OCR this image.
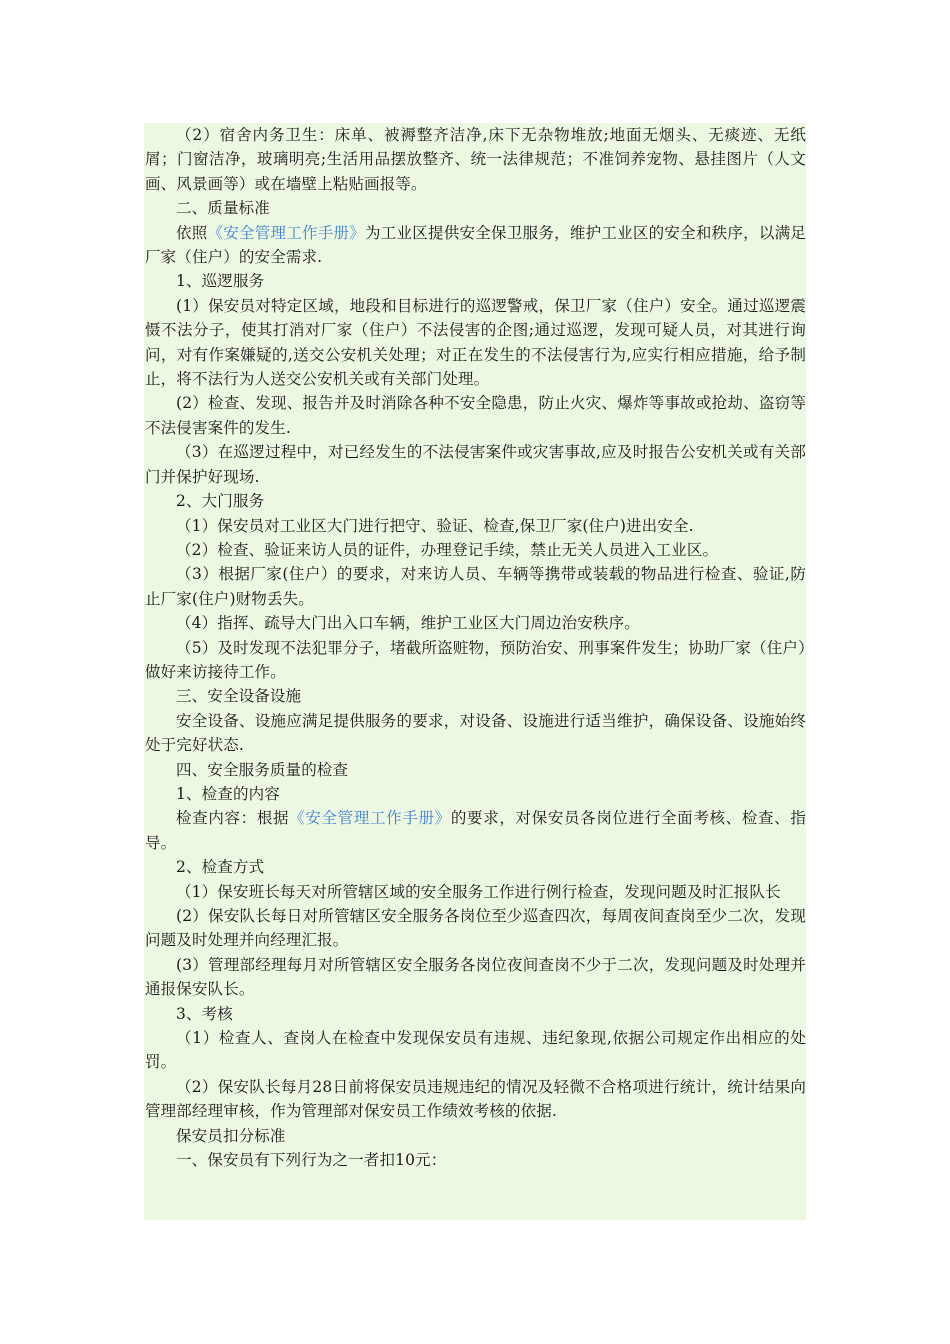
（2）宿舍内务卫生：床单、被褥整齐洁净,床下无杂物堆放;地面无烟头、无痰迹、无纸屑；门窗洁净，玻璃明亮;生活用品摆放整齐、统一法律规范；不准饲养宠物、悬挂图片（人文画、风景画等）或在墙壁上粘贴画报等。

二、质量标准

依照《安全管理工作手册》为工业区提供安全保卫服务，维护工业区的安全和秩序，以满足厂家（住户）的安全需求.

1、巡逻服务

(1）保安员对特定区域，地段和目标进行的巡逻警戒，保卫厂家（住户）安全。通过巡逻震慑不法分子，使其打消对厂家（住户）不法侵害的企图;通过巡逻，发现可疑人员，对其进行询问，对有作案嫌疑的,送交公安机关处理；对正在发生的不法侵害行为,应实行相应措施，给予制止，将不法行为人送交公安机关或有关部门处理。

(2）检查、发现、报告并及时消除各种不安全隐患，防止火灾、爆炸等事故或抢劫、盗窃等不法侵害案件的发生.

（3）在巡逻过程中，对已经发生的不法侵害案件或灾害事故,应及时报告公安机关或有关部门并保护好现场.

2、大门服务

（1）保安员对工业区大门进行把守、验证、检查,保卫厂家(住户)进出安全.

（2）检查、验证来访人员的证件，办理登记手续，禁止无关人员进入工业区。

（3）根据厂家(住户）的要求，对来访人员、车辆等携带或装载的物品进行检查、验证,防止厂家(住户)财物丢失。

（4）指挥、疏导大门出入口车辆，维护工业区大门周边治安秩序。

（5）及时发现不法犯罪分子，堵截所盗赃物，预防治安、刑事案件发生；协助厂家（住户）做好来访接待工作。

三、安全设备设施

安全设备、设施应满足提供服务的要求，对设备、设施进行适当维护，确保设备、设施始终处于完好状态.

四、安全服务质量的检查

1、检查的内容

检查内容：根据《安全管理工作手册》的要求，对保安员各岗位进行全面考核、检查、指导。

2、检查方式

（1）保安班长每天对所管辖区域的安全服务工作进行例行检查，发现问题及时汇报队长

(2）保安队长每日对所管辖区安全服务各岗位至少巡查四次，每周夜间查岗至少二次，发现问题及时处理并向经理汇报。

(3）管理部经理每月对所管辖区安全服务各岗位夜间查岗不少于二次，发现问题及时处理并通报保安队长。

3、考核

（1）检查人、查岗人在检查中发现保安员有违规、违纪象现,依据公司规定作出相应的处罚。

（2）保安队长每月28日前将保安员违规违纪的情况及轻微不合格项进行统计，统计结果向管理部经理审核，作为管理部对保安员工作绩效考核的依据.

保安员扣分标准

一、保安员有下列行为之一者扣10元：
